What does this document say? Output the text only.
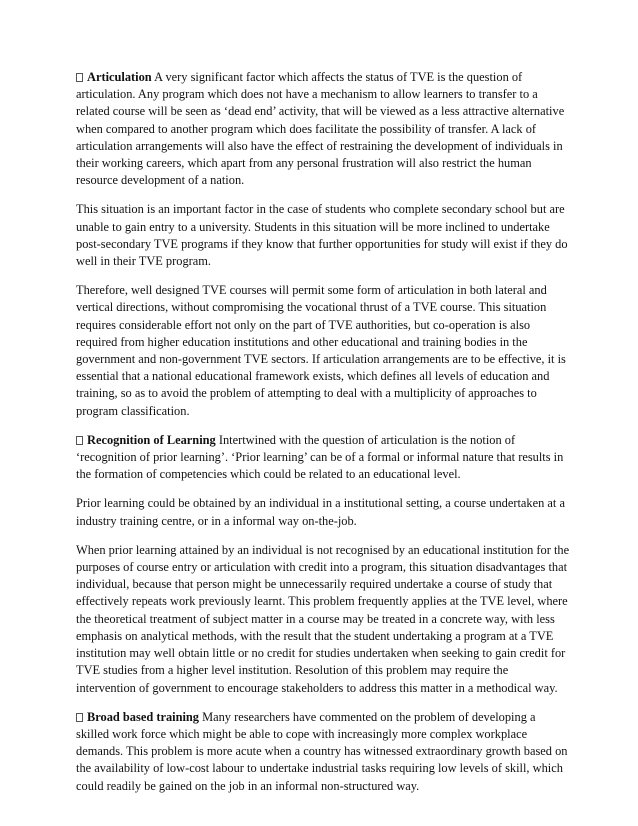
Articulation A very significant factor which affects the status of TVE is the question of articulation. Any program which does not have a mechanism to allow learners to transfer to a related course will be seen as ‘dead end’ activity, that will be viewed as a less attractive alternative when compared to another program which does facilitate the possibility of transfer. A lack of articulation arrangements will also have the effect of restraining the development of individuals in their working careers, which apart from any personal frustration will also restrict the human resource development of a nation.

This situation is an important factor in the case of students who complete secondary school but are unable to gain entry to a university. Students in this situation will be more inclined to undertake post-secondary TVE programs if they know that further opportunities for study will exist if they do well in their TVE program.

Therefore, well designed TVE courses will permit some form of articulation in both lateral and vertical directions, without compromising the vocational thrust of a TVE course. This situation requires considerable effort not only on the part of TVE authorities, but co-operation is also required from higher education institutions and other educational and training bodies in the government and non-government TVE sectors. If articulation arrangements are to be effective, it is essential that a national educational framework exists, which defines all levels of education and training, so as to avoid the problem of attempting to deal with a multiplicity of approaches to program classification.

Recognition of Learning Intertwined with the question of articulation is the notion of ‘recognition of prior learning’. ‘Prior learning’ can be of a formal or informal nature that results in the formation of competencies which could be related to an educational level.

Prior learning could be obtained by an individual in a institutional setting, a course undertaken at a industry training centre, or in a informal way on-the-job.

When prior learning attained by an individual is not recognised by an educational institution for the purposes of course entry or articulation with credit into a program, this situation disadvantages that individual, because that person might be unnecessarily required undertake a course of study that effectively repeats work previously learnt. This problem frequently applies at the TVE level, where the theoretical treatment of subject matter in a course may be treated in a concrete way, with less emphasis on analytical methods, with the result that the student undertaking a program at a TVE institution may well obtain little or no credit for studies undertaken when seeking to gain credit for TVE studies from a higher level institution. Resolution of this problem may require the intervention of government to encourage stakeholders to address this matter in a methodical way.

Broad based training Many researchers have commented on the problem of developing a skilled work force which might be able to cope with increasingly more complex workplace demands. This problem is more acute when a country has witnessed extraordinary growth based on the availability of low-cost labour to undertake industrial tasks requiring low levels of skill, which could readily be gained on the job in an informal non-structured way.
